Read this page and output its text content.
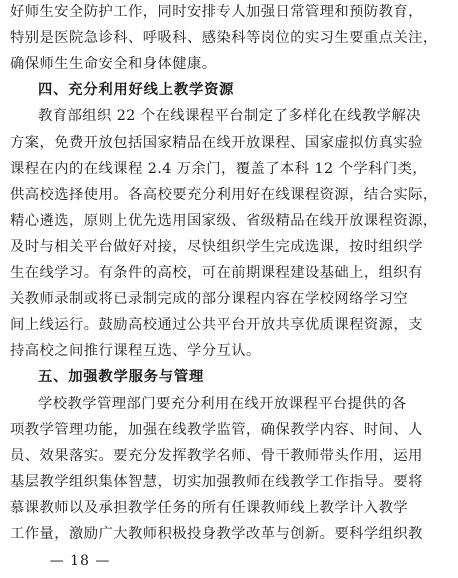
好师生安全防护工作，同时安排专人加强日常管理和预防教育，
特别是医院急诊科、呼吸科、感染科等岗位的实习生要重点关注，
确保师生生命安全和身体健康。
四、充分利用好线上教学资源
教育部组织 22 个在线课程平台制定了多样化在线教学解决
方案，免费开放包括国家精品在线开放课程、国家虚拟仿真实验
课程在内的在线课程 2.4 万余门，覆盖了本科 12 个学科门类，
供高校选择使用。各高校要充分利用好在线课程资源，结合实际，
精心遴选，原则上优先选用国家级、省级精品在线开放课程资源，
及时与相关平台做好对接，尽快组织学生完成选课，按时组织学
生在线学习。有条件的高校，可在前期课程建设基础上，组织有
关教师录制或将已录制完成的部分课程内容在学校网络学习空
间上线运行。鼓励高校通过公共平台开放共享优质课程资源，支
持高校之间推行课程互选、学分互认。
五、加强教学服务与管理
学校教学管理部门要充分利用在线开放课程平台提供的各
项教学管理功能，加强在线教学监管，确保教学内容、时间、人
员、效果落实。要充分发挥教学名师、骨干教师带头作用，运用
基层教学组织集体智慧，切实加强教师在线教学工作指导。要将
慕课教师以及承担教学任务的所有任课教师线上教学计入教学
工作量，激励广大教师积极投身教学改革与创新。要科学组织教
— 18 —
